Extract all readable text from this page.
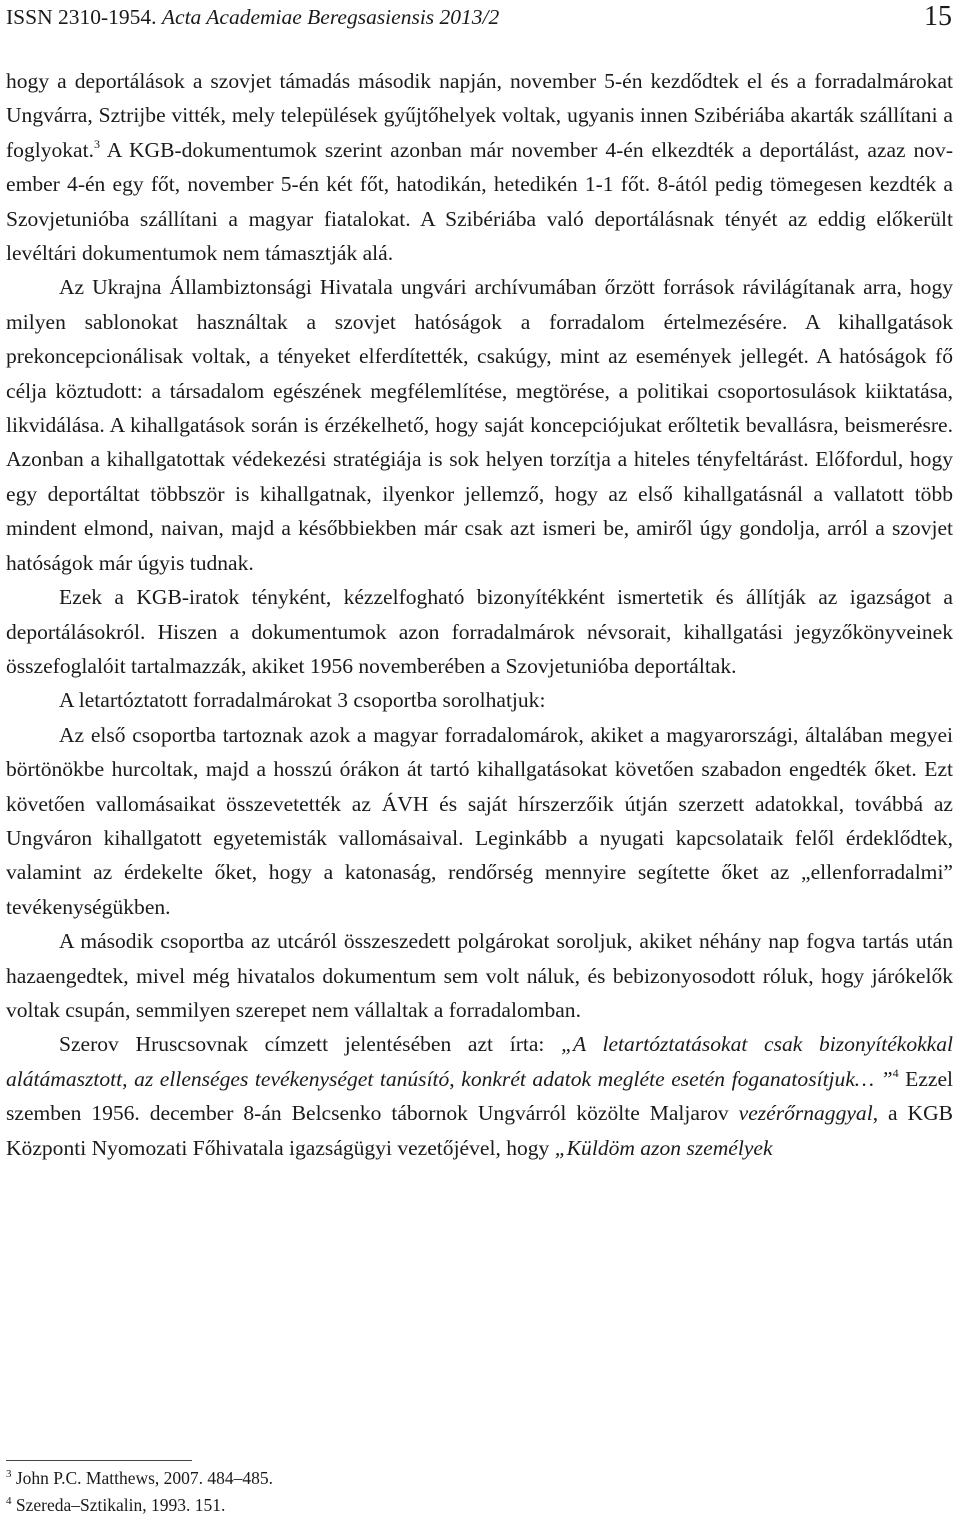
ISSN 2310-1954. Acta Academiae Beregsasiensis 2013/2	15

hogy a deportálások a szovjet támadás második napján, november 5-én kezdődtek el és a forradalmárokat Ungvárra, Sztrijbe vitték, mely települések gyűjtőhelyek voltak, ugyanis innen Szibériába akarták szállítani a foglyokat.$^3$ A KGB-dokumentumok szerint azonban már november 4-én elkezdték a deportálást, azaz november 4-én egy főt, november 5-én két főt, hatodikán, hetedikén 1-1 főt. 8-ától pedig tömegesen kezdték a Szovjetunióba szállítani a magyar fiatalokat. A Szibériába való deportálásnak tényét az eddig előkerült levéltári dokumentumok nem támasztják alá.

Az Ukrajna Állambiztonsági Hivatala ungvári archívumában őrzött források rávilágítanak arra, hogy milyen sablonokat használtak a szovjet hatóságok a forradalom értelmezésére. A kihallgatások prekoncepcionálisak voltak, a tényeket elferdítették, csakúgy, mint az események jellegét. A hatóságok fő célja köztudott: a társadalom egészének megfélemlítése, megtörése, a politikai csoportosulások kiiktatása, likvidálása. A kihallgatások során is érzékelhető, hogy saját koncepciójukat erőltetik bevallásra, beismerésre. Azonban a kihallgatottak védekezési stratégiája is sok helyen torzítja a hiteles tényfeltárást. Előfordul, hogy egy deportáltat többször is kihallgatnak, ilyenkor jellemző, hogy az első kihallgatásnál a vallatott több mindent elmond, naivan, majd a későbbiekben már csak azt ismeri be, amiről úgy gondolja, arról a szovjet hatóságok már úgyis tudnak.

Ezek a KGB-iratok tényként, kézzelfogható bizonyítékként ismertetik és állítják az igazságot a deportálásokról. Hiszen a dokumentumok azon forradalmárok névsorait, kihallgatási jegyzőkönyveinek összefoglalóit tartalmazzák, akiket 1956 novemberében a Szovjetunióba deportáltak.

A letartóztatott forradalmárokat 3 csoportba sorolhatjuk:

Az első csoportba tartoznak azok a magyar forradalomárok, akiket a magyarországi, általában megyei börtönökbe hurcoltak, majd a hosszú órákon át tartó kihallgatásokat követően szabadon engedték őket. Ezt követően vallomásaikat összevetették az ÁVH és saját hírszerzőik útján szerzett adatokkal, továbbá az Ungváron kihallgatott egyetemisták vallomásaival. Leginkább a nyugati kapcsolataik felől érdeklődtek, valamint az érdekelte őket, hogy a katonaság, rendőrség mennyire segítette őket az „ellenforradalmi” tevékenységükben.

A második csoportba az utcáról összeszedett polgárokat soroljuk, akiket néhány nap fogva tartás után hazaengedtek, mivel még hivatalos dokumentum sem volt náluk, és bebizonyosodott róluk, hogy járókelők voltak csupán, semmilyen szerepet nem vállaltak a forradalomban.

Szerov Hruscsovnak címzett jelentésében azt írta: „A letartóztatásokat csak bizonyítékokkal alátámasztott, az ellenséges tevékenységet tanúsító, konkrét adatok megléte esetén foganatosítjuk… ”$^4$ Ezzel szemben 1956. december 8-án Belcsenko tábornok Ungvárról közölte Maljarov vezérőrnaggyal, a KGB Központi Nyomozati Főhivatala igazságügyi vezetőjével, hogy „Küldöm azon személyek

$^3$ John P.C. Matthews, 2007. 484–485.
$^4$ Szereda–Sztikalin, 1993. 151.
